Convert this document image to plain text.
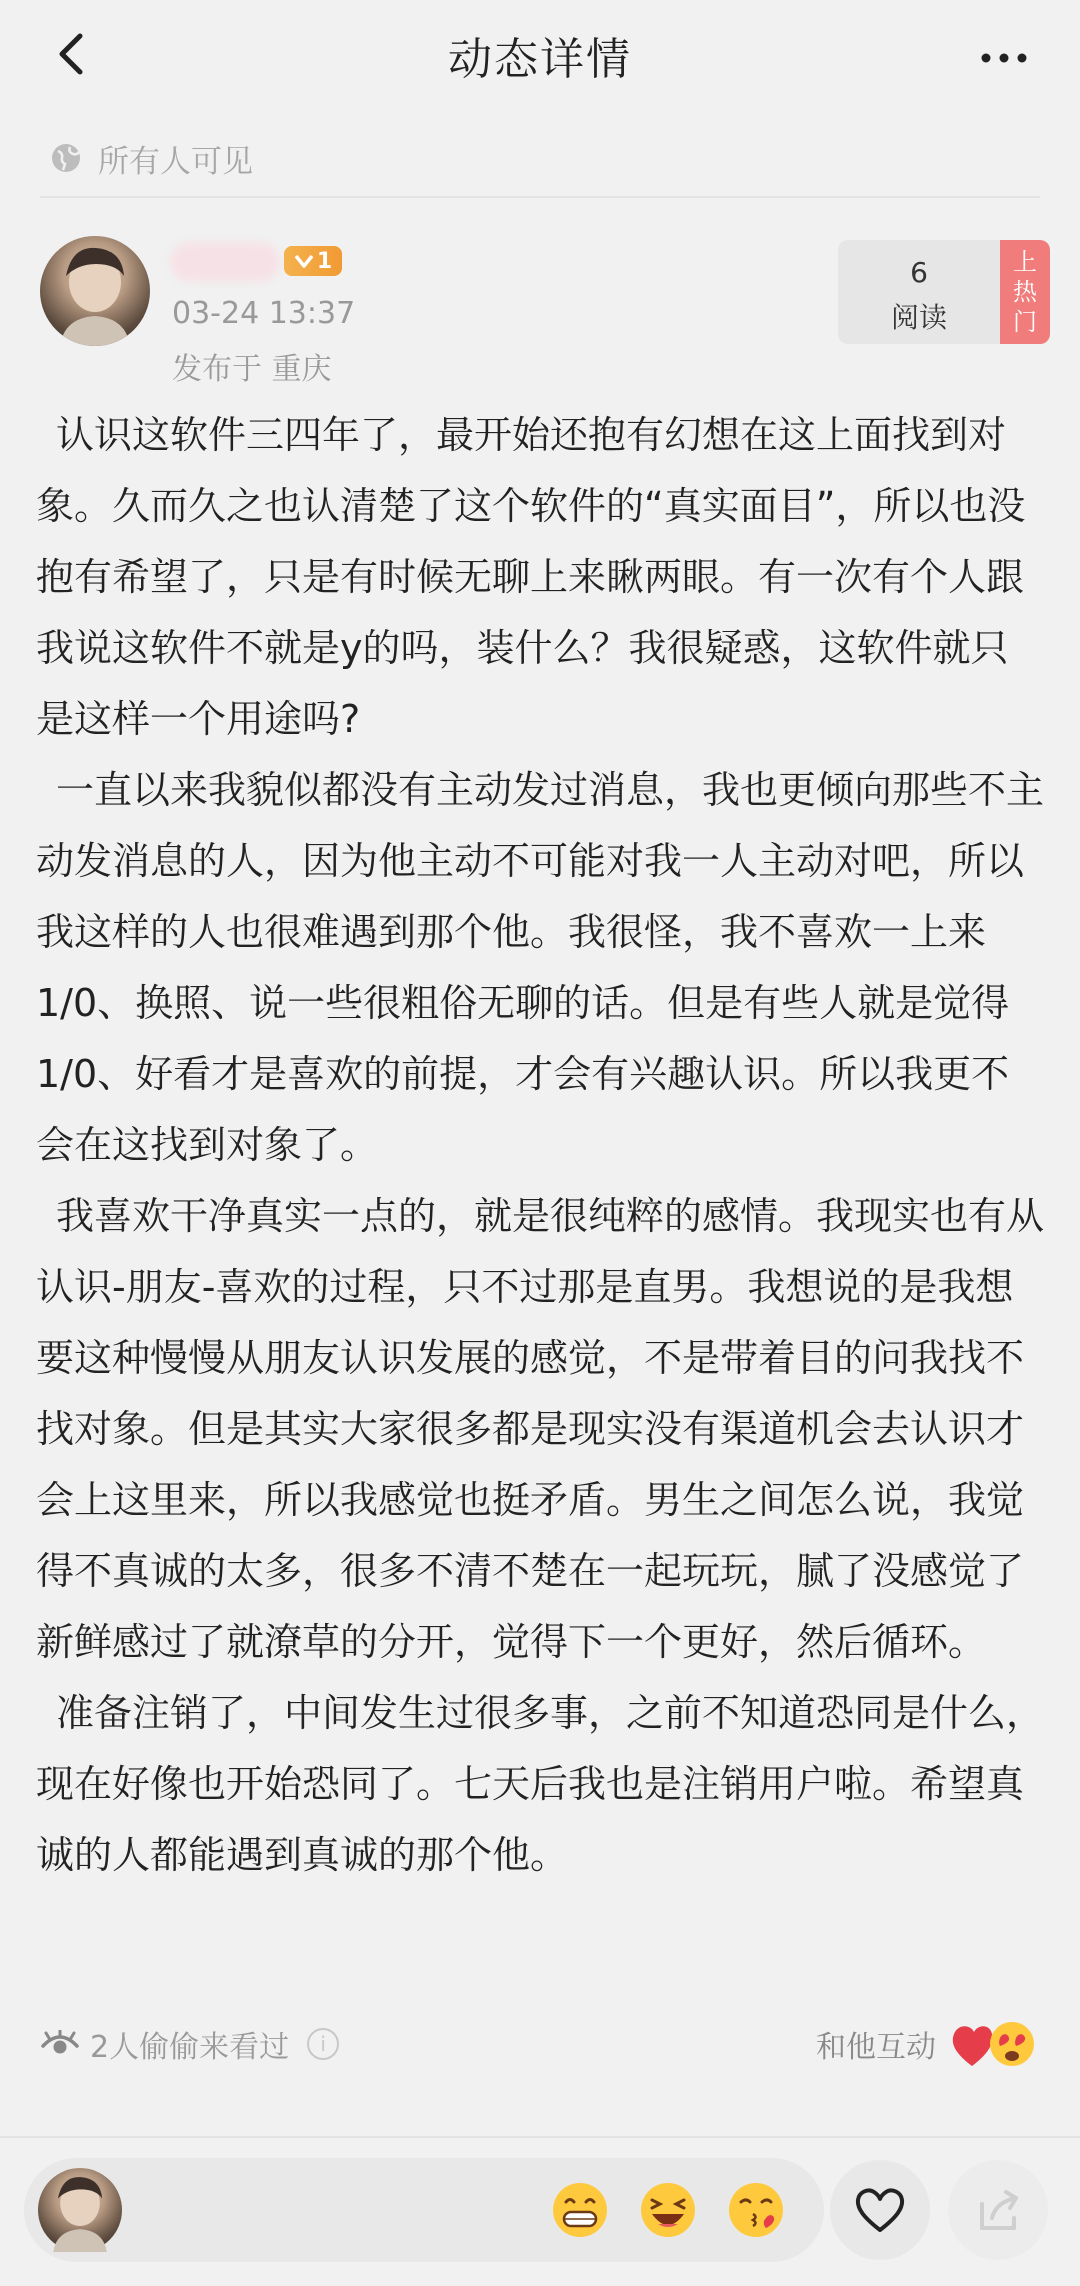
动态详情
所有人可见
1
03-24 13:37
发布于 重庆
6
阅读
上
热
门

认识这软件三四年了，最开始还抱有幻想在这上面找到对象。久而久之也认清楚了这个软件的“真实面目”，所以也没抱有希望了，只是有时候无聊上来瞅两眼。有一次有个人跟我说这软件不就是y的吗，装什么？我很疑惑，这软件就只是这样一个用途吗?

一直以来我貌似都没有主动发过消息，我也更倾向那些不主动发消息的人，因为他主动不可能对我一人主动对吧，所以我这样的人也很难遇到那个他。我很怪，我不喜欢一上来1/0、换照、说一些很粗俗无聊的话。但是有些人就是觉得1/0、好看才是喜欢的前提，才会有兴趣认识。所以我更不会在这找到对象了。

我喜欢干净真实一点的，就是很纯粹的感情。我现实也有从认识-朋友-喜欢的过程，只不过那是直男。我想说的是我想要这种慢慢从朋友认识发展的感觉，不是带着目的问我找不找对象。但是其实大家很多都是现实没有渠道机会去认识才会上这里来，所以我感觉也挺矛盾。男生之间怎么说，我觉得不真诚的太多，很多不清不楚在一起玩玩，腻了没感觉了新鲜感过了就潦草的分开，觉得下一个更好，然后循环。

准备注销了，中间发生过很多事，之前不知道恐同是什么，现在好像也开始恐同了。七天后我也是注销用户啦。希望真诚的人都能遇到真诚的那个他。

2人偷偷来看过	i	和他互动
